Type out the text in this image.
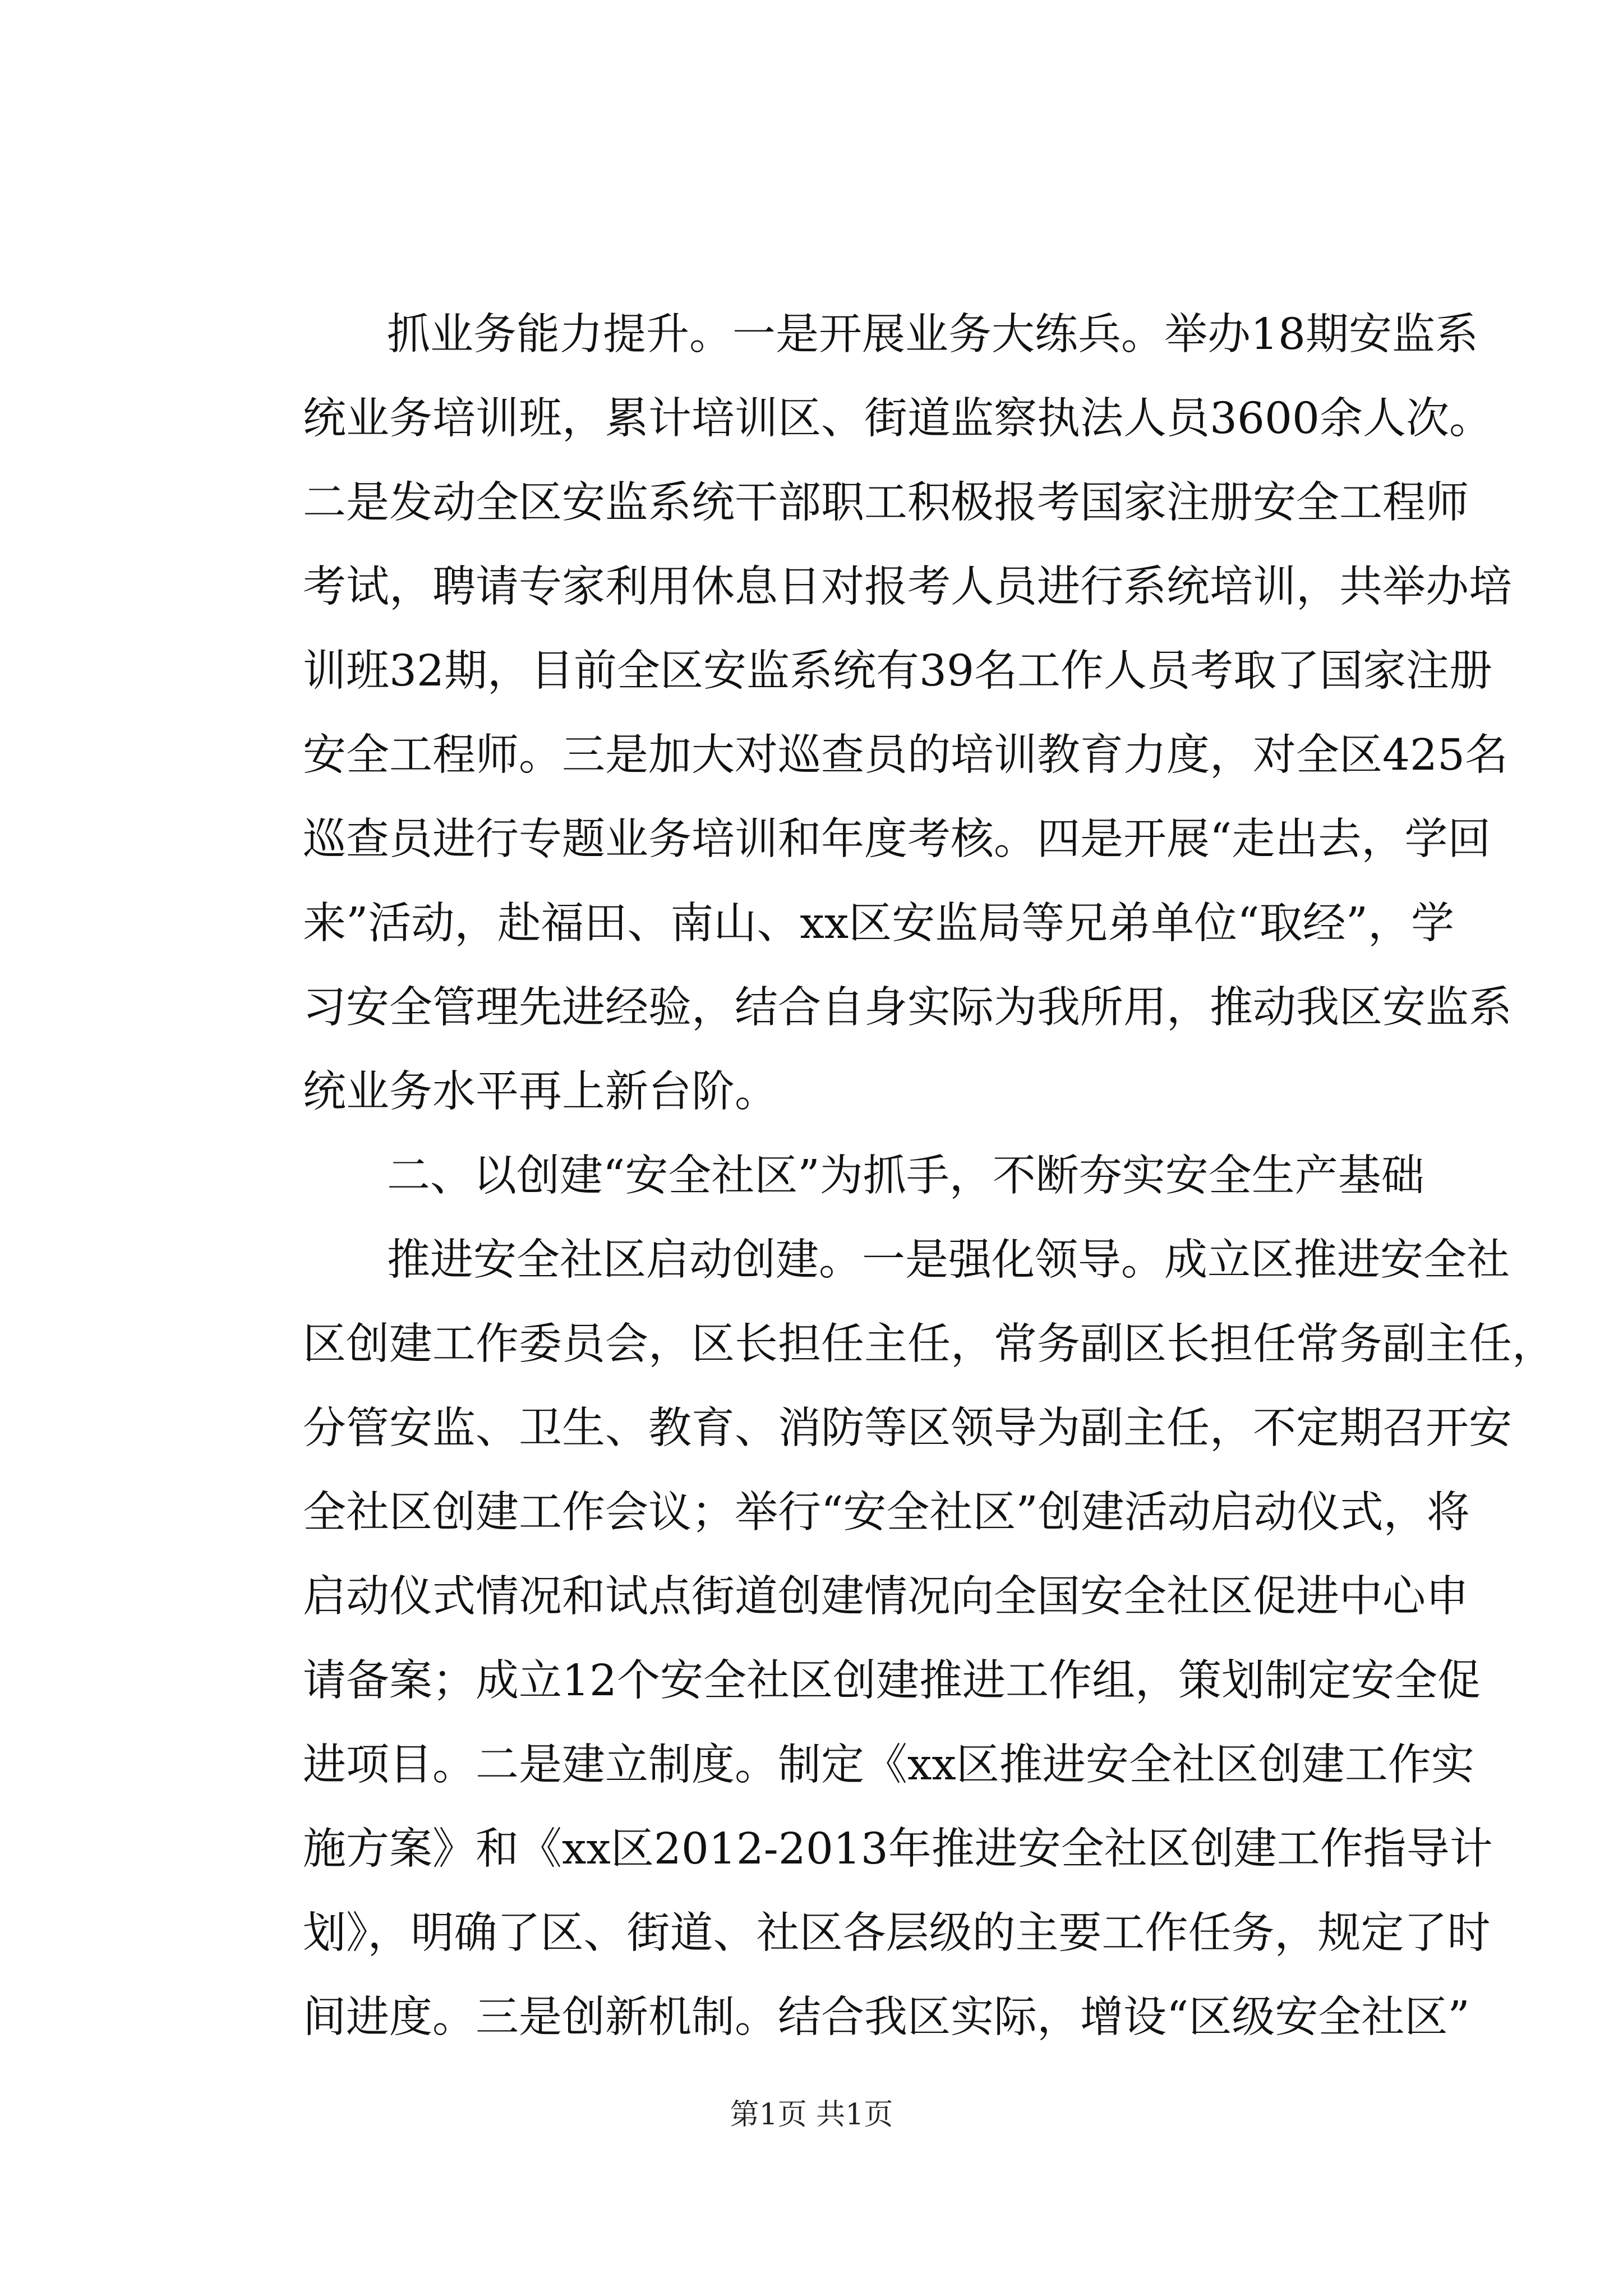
抓业务能力提升。一是开展业务大练兵。举办18期安监系
统业务培训班，累计培训区、街道监察执法人员3600余人次。
二是发动全区安监系统干部职工积极报考国家注册安全工程师
考试，聘请专家利用休息日对报考人员进行系统培训，共举办培
训班32期，目前全区安监系统有39名工作人员考取了国家注册
安全工程师。三是加大对巡查员的培训教育力度，对全区425名
巡查员进行专题业务培训和年度考核。四是开展“走出去，学回
来”活动，赴福田、南山、xx区安监局等兄弟单位“取经”，学
习安全管理先进经验，结合自身实际为我所用，推动我区安监系
统业务水平再上新台阶。
二、以创建“安全社区”为抓手，不断夯实安全生产基础
推进安全社区启动创建。一是强化领导。成立区推进安全社
区创建工作委员会，区长担任主任，常务副区长担任常务副主任，
分管安监、卫生、教育、消防等区领导为副主任，不定期召开安
全社区创建工作会议；举行“安全社区”创建活动启动仪式，将
启动仪式情况和试点街道创建情况向全国安全社区促进中心申
请备案；成立12个安全社区创建推进工作组，策划制定安全促
进项目。二是建立制度。制定《xx区推进安全社区创建工作实
施方案》和《xx区2012-2013年推进安全社区创建工作指导计
划》，明确了区、街道、社区各层级的主要工作任务，规定了时
间进度。三是创新机制。结合我区实际，增设“区级安全社区”
第1页 共1页
